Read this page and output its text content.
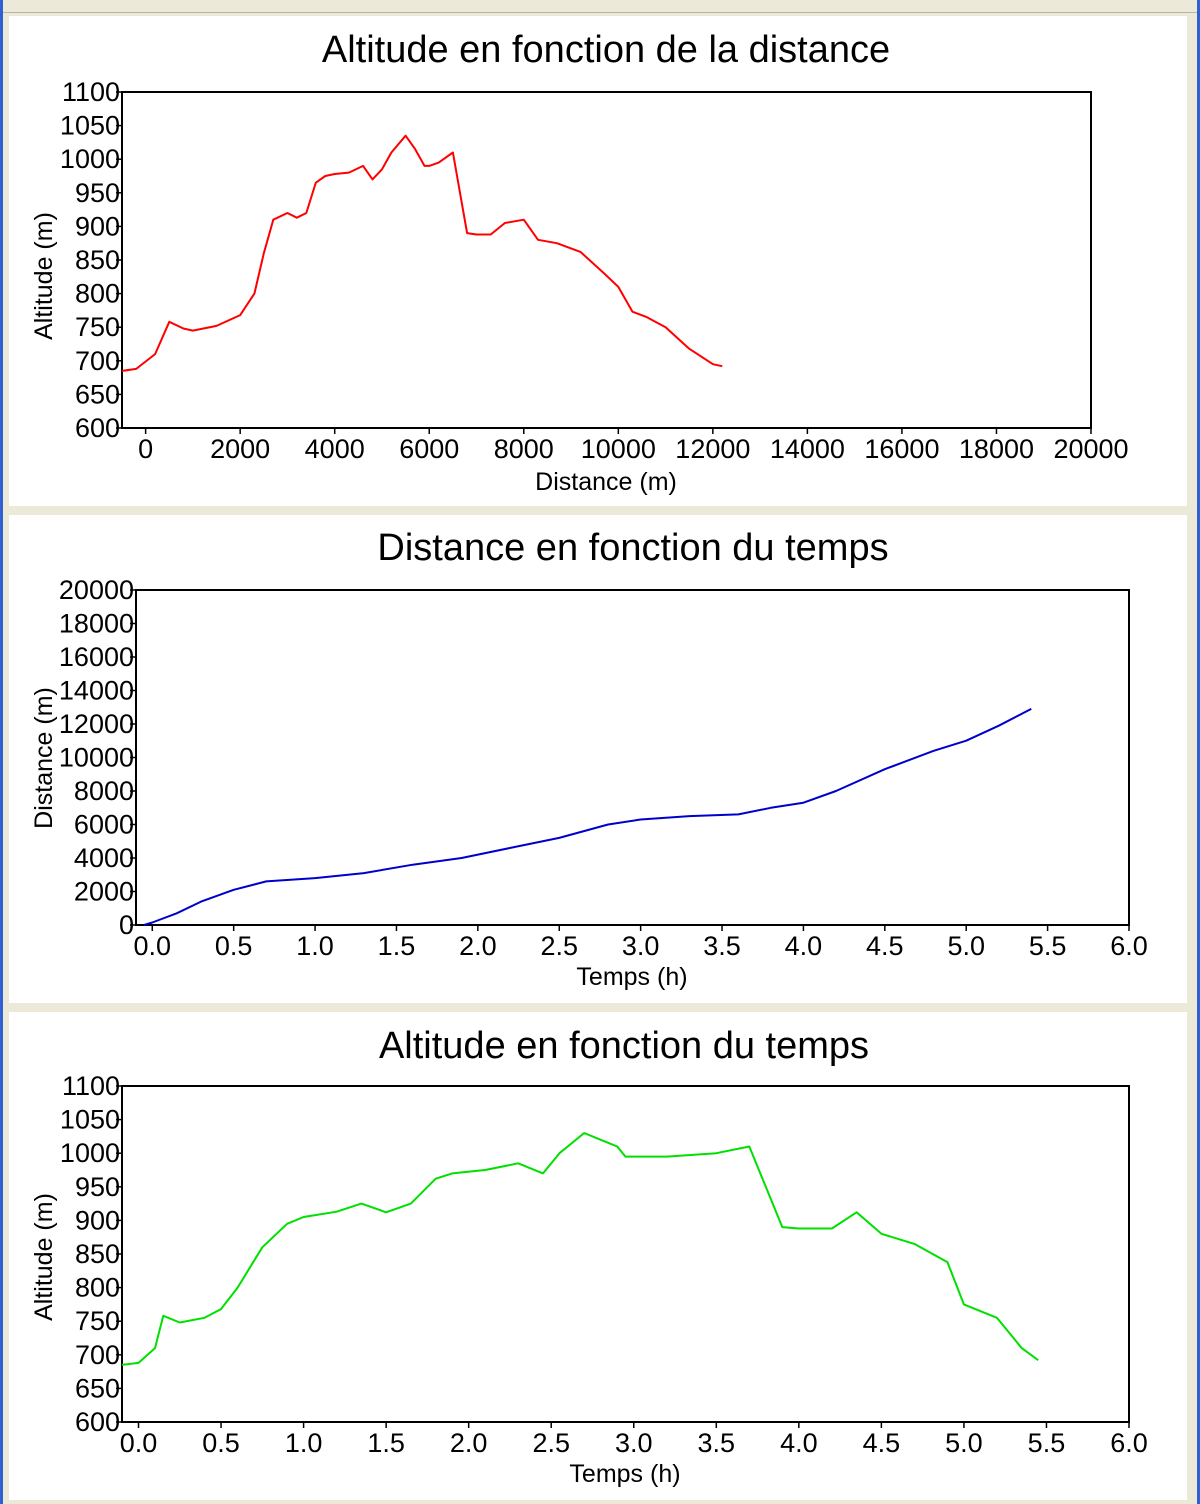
Altitude en fonction de la distance
600
650
700
750
800
850
900
950
1000
1050
1100
0 2000 4000 6000 8000 10000 12000 14000 16000 18000 20000
Distance (m)
Altitude (m)
Distance en fonction du temps
0
2000
4000
6000
8000
10000
12000
14000
16000
18000
20000
0.0 0.5 1.0 1.5 2.0 2.5 3.0 3.5 4.0 4.5 5.0 5.5 6.0
Temps (h)
Distance (m)
Altitude en fonction du temps
600
650
700
750
800
850
900
950
1000
1050
1100
0.0 0.5 1.0 1.5 2.0 2.5 3.0 3.5 4.0 4.5 5.0 5.5 6.0
Temps (h)
Altitude (m)
